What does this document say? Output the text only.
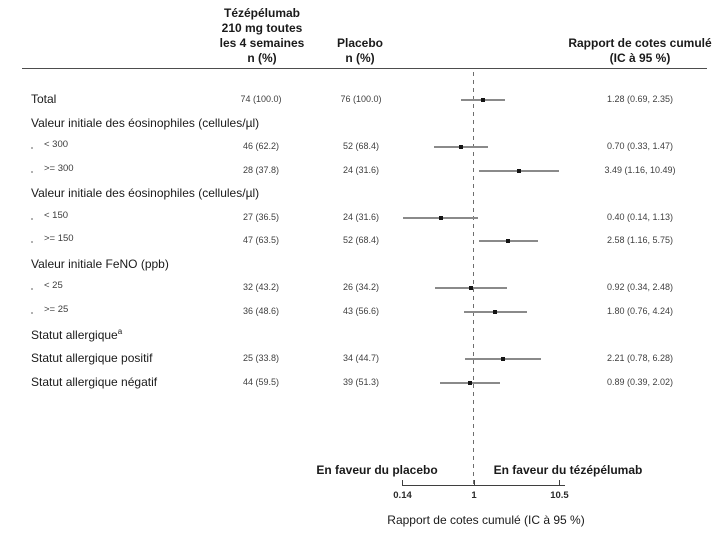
Tézépélumab
210 mg toutes
les 4 semaines
n (%)
Placebo
n (%)
Rapport de cotes cumulé
(IC à 95 %)
Total	74 (100.0)	76 (100.0)	1.28 (0.69, 2.35)
Valeur initiale des éosinophiles (cellules/µl)
< 300	46 (62.2)	52 (68.4)	0.70 (0.33, 1.47)
>= 300	28 (37.8)	24 (31.6)	3.49 (1.16, 10.49)
Valeur initiale des éosinophiles (cellules/µl)
< 150	27 (36.5)	24 (31.6)	0.40 (0.14, 1.13)
>= 150	47 (63.5)	52 (68.4)	2.58 (1.16, 5.75)
Valeur initiale FeNO (ppb)
< 25	32 (43.2)	26 (34.2)	0.92 (0.34, 2.48)
>= 25	36 (48.6)	43 (56.6)	1.80 (0.76, 4.24)
Statut allergique$^a$
Statut allergique positif	25 (33.8)	34 (44.7)	2.21 (0.78, 6.28)
Statut allergique négatif	44 (59.5)	39 (51.3)	0.89 (0.39, 2.02)
En faveur du placebo	En faveur du tézépélumab
0.14	1	10.5
Rapport de cotes cumulé (IC à 95 %)
